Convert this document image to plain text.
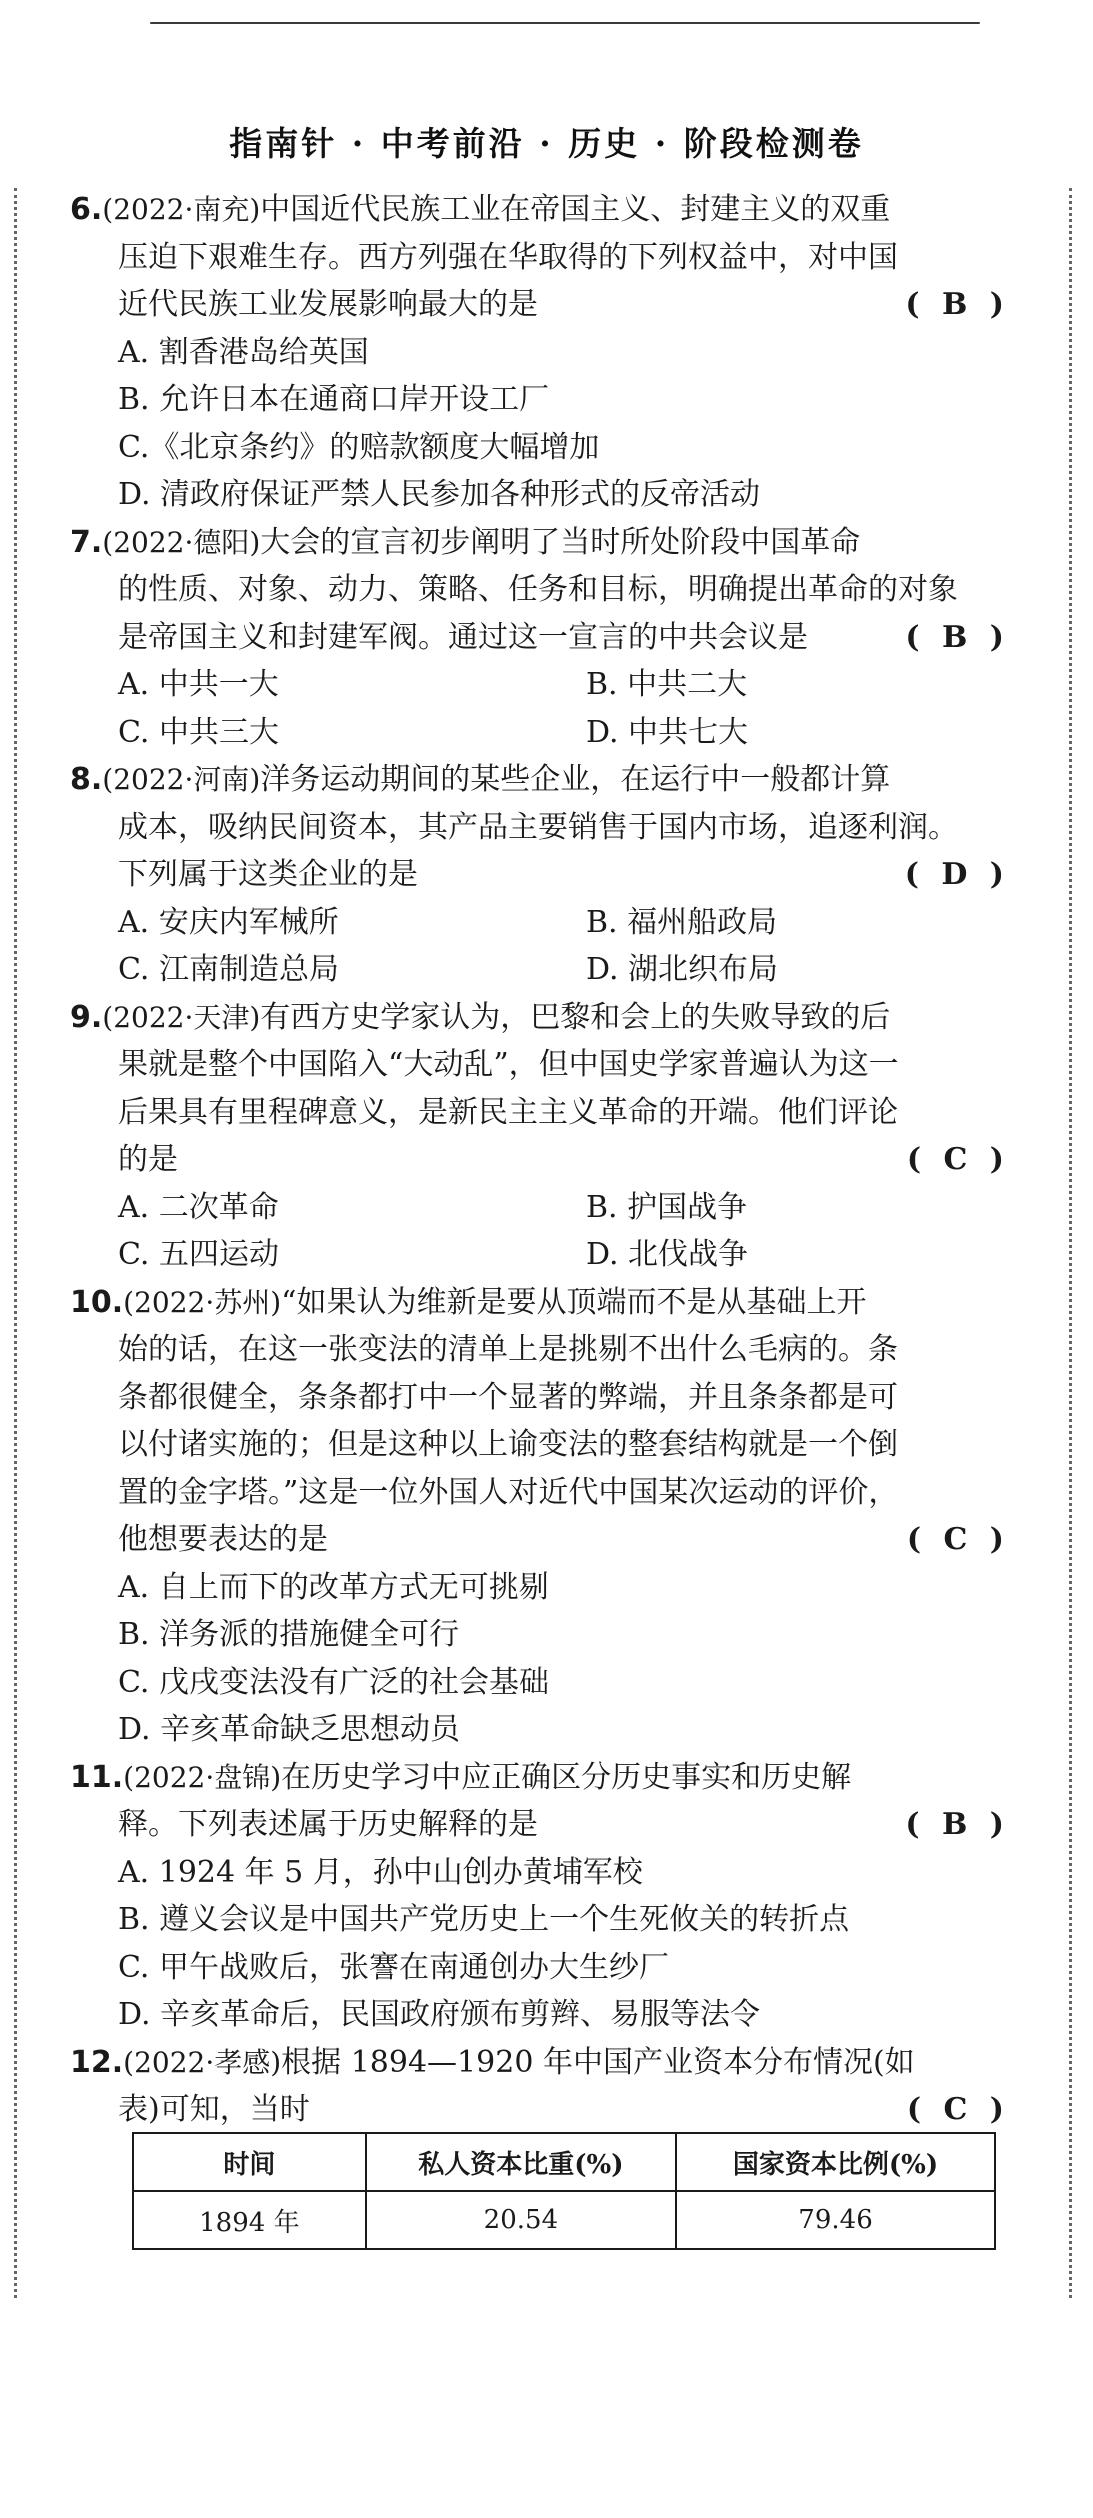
指南针 · 中考前沿 · 历史 · 阶段检测卷
6.(2022·南充)中国近代民族工业在帝国主义、封建主义的双重
压迫下艰难生存。西方列强在华取得的下列权益中，对中国
近代民族工业发展影响最大的是	( B )
A. 割香港岛给英国
B. 允许日本在通商口岸开设工厂
C.《北京条约》的赔款额度大幅增加
D. 清政府保证严禁人民参加各种形式的反帝活动
7.(2022·德阳)大会的宣言初步阐明了当时所处阶段中国革命
的性质、对象、动力、策略、任务和目标，明确提出革命的对象
是帝国主义和封建军阀。通过这一宣言的中共会议是	( B )
A. 中共一大	B. 中共二大
C. 中共三大	D. 中共七大
8.(2022·河南)洋务运动期间的某些企业，在运行中一般都计算
成本，吸纳民间资本，其产品主要销售于国内市场，追逐利润。
下列属于这类企业的是	( D )
A. 安庆内军械所	B. 福州船政局
C. 江南制造总局	D. 湖北织布局
9.(2022·天津)有西方史学家认为，巴黎和会上的失败导致的后
果就是整个中国陷入“大动乱”，但中国史学家普遍认为这一
后果具有里程碑意义，是新民主主义革命的开端。他们评论
的是	( C )
A. 二次革命	B. 护国战争
C. 五四运动	D. 北伐战争
10.(2022·苏州)“如果认为维新是要从顶端而不是从基础上开
始的话，在这一张变法的清单上是挑剔不出什么毛病的。条
条都很健全，条条都打中一个显著的弊端，并且条条都是可
以付诸实施的；但是这种以上谕变法的整套结构就是一个倒
置的金字塔。”这是一位外国人对近代中国某次运动的评价，
他想要表达的是	( C )
A. 自上而下的改革方式无可挑剔
B. 洋务派的措施健全可行
C. 戊戌变法没有广泛的社会基础
D. 辛亥革命缺乏思想动员
11.(2022·盘锦)在历史学习中应正确区分历史事实和历史解
释。下列表述属于历史解释的是	( B )
A. 1924 年 5 月，孙中山创办黄埔军校
B. 遵义会议是中国共产党历史上一个生死攸关的转折点
C. 甲午战败后，张謇在南通创办大生纱厂
D. 辛亥革命后，民国政府颁布剪辫、易服等法令
12.(2022·孝感)根据 1894—1920 年中国产业资本分布情况(如
表)可知，当时	( C )
时间	私人资本比重(%)	国家资本比例(%)
1894 年	20.54	79.46
